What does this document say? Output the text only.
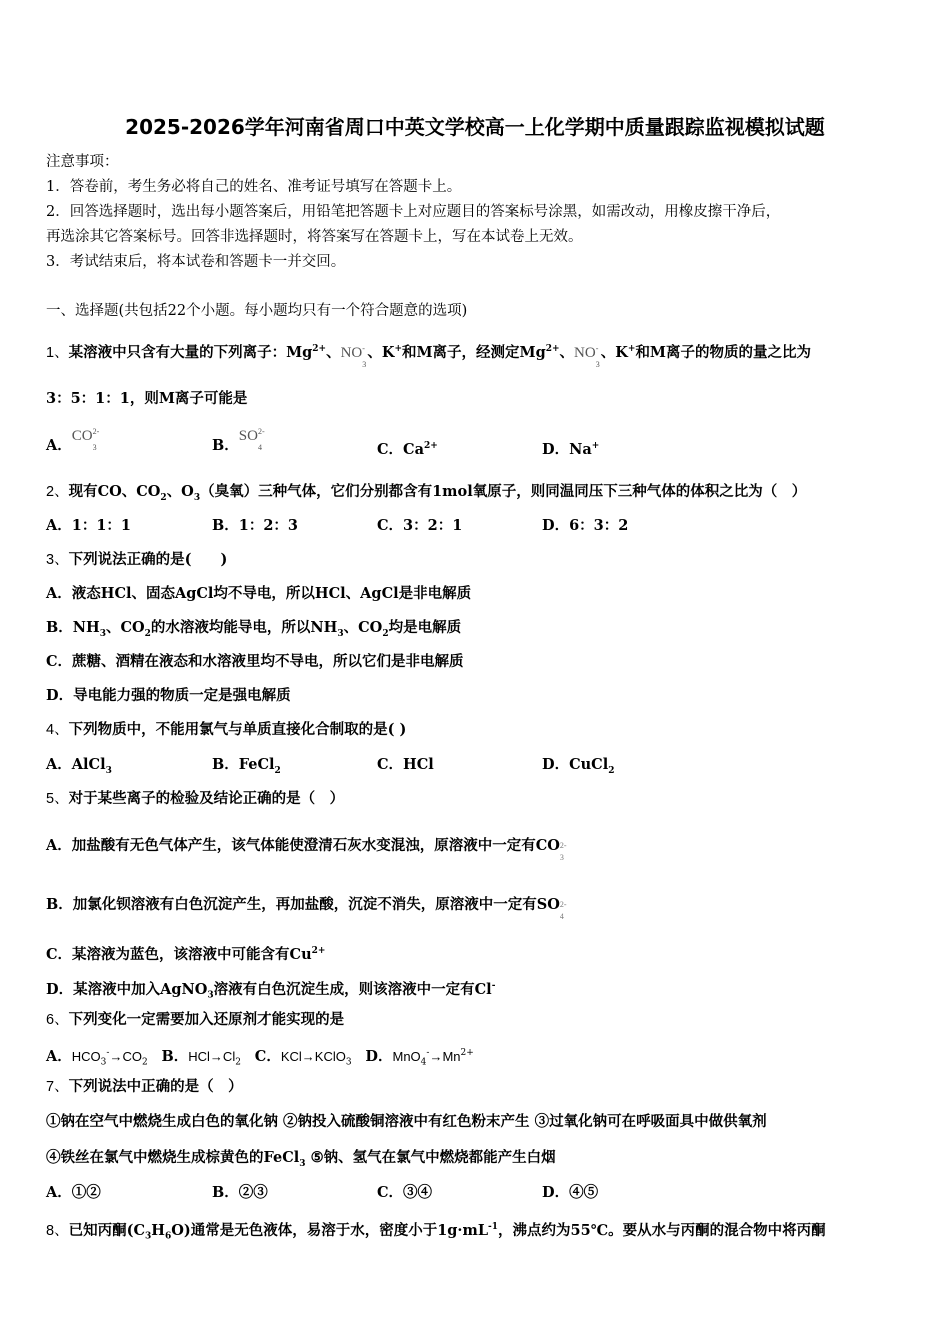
2025-2026学年河南省周口中英文学校高一上化学期中质量跟踪监视模拟试题
注意事项：
1．答卷前，考生务必将自己的姓名、准考证号填写在答题卡上。
2．回答选择题时，选出每小题答案后，用铅笔把答题卡上对应题目的答案标号涂黑，如需改动，用橡皮擦干净后，
再选涂其它答案标号。回答非选择题时，将答案写在答题卡上，写在本试卷上无效。
3．考试结束后，将本试卷和答题卡一并交回。
一、选择题(共包括22个小题。每小题均只有一个符合题意的选项)
1、某溶液中只含有大量的下列离子：$Mg^{2+}$、NO -
3
、K+和M离子，经测定$Mg^{2+}$、NO -
3
、K+和M离子的物质的量之比为
3：5：1：1，则M离子可能是
A．CO 2-
3	B．SO 2-
4	C．$Ca^{2+}$	D．Na+
2、现有CO、$CO_2$、$O_3$（臭氧）三种气体，它们分别都含有1mol氧原子，则同温同压下三种气体的体积之比为（　）
A．1：1：1	B．1：2：3	C．3：2：1	D．6：3：2
3、下列说法正确的是(　　)
A．液态HCl、固态AgCl均不导电，所以HCl、AgCl是非电解质
B．$NH_3$、$CO_2$的水溶液均能导电，所以$NH_3$、$CO_2$均是电解质
C．蔗糖、酒精在液态和水溶液里均不导电，所以它们是非电解质
D．导电能力强的物质一定是强电解质
4、下列物质中，不能用氯气与单质直接化合制取的是( )
A．AlCl$_3$	B．FeCl$_2$	C．HCl	D．CuCl$_2$
5、对于某些离子的检验及结论正确的是（　）
A．加盐酸有无色气体产生，该气体能使澄清石灰水变混浊，原溶液中一定有CO 2-
3
B．加氯化钡溶液有白色沉淀产生，再加盐酸，沉淀不消失，原溶液中一定有SO 2-
4
C．某溶液为蓝色，该溶液中可能含有$Cu^{2+}$
D．某溶液中加入AgNO$_3$溶液有白色沉淀生成，则该溶液中一定有Cl-
6、下列变化一定需要加入还原剂才能实现的是
A．$HCO_3^-\to CO_2$ B．$HCl\to Cl_2$ C．KCl→KClO$_3$ D．$MnO_4^-\to Mn^{2+}$
7、下列说法中正确的是（　）
①钠在空气中燃烧生成白色的氧化钠 ②钠投入硫酸铜溶液中有红色粉末产生 ③过氧化钠可在呼吸面具中做供氧剂
④铁丝在氯气中燃烧生成棕黄色的FeCl$_3$ ⑤钠、氢气在氯气中燃烧都能产生白烟
A．①②	B．②③	C．③④	D．④⑤
8、已知丙酮$(C_3H_6O)$通常是无色液体，易溶于水，密度小于$1g\cdot mL^{-1}$，沸点约为55℃。要从水与丙酮的混合物中将丙酮
